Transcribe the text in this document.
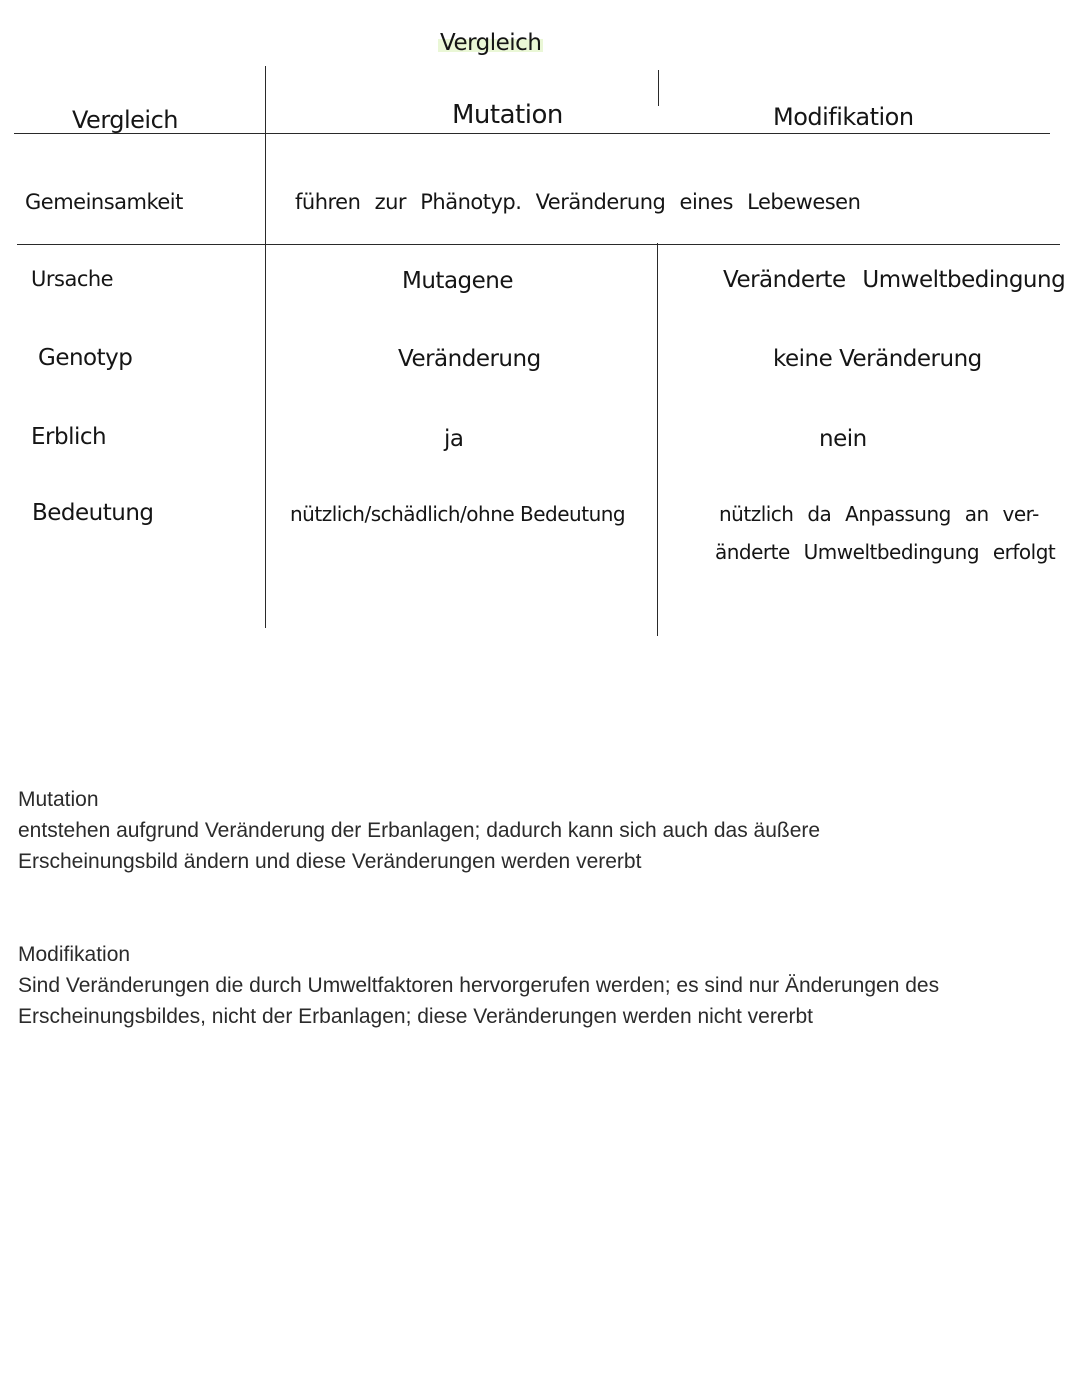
Vergleich
Vergleich	Mutation	Modifikation
Gemeinsamkeit	führen zur Phänotyp. Veränderung eines Lebewesen
Ursache	Mutagene	Veränderte Umweltbedingung
Genotyp	Veränderung	keine Veränderung
Erblich	ja	nein
Bedeutung	nützlich/schädlich/ohne Bedeutung	nützlich da Anpassung an ver-
änderte Umweltbedingung erfolgt
Mutation
entstehen aufgrund Veränderung der Erbanlagen; dadurch kann sich auch das äußere
Erscheinungsbild ändern und diese Veränderungen werden vererbt
Modifikation
Sind Veränderungen die durch Umweltfaktoren hervorgerufen werden; es sind nur Änderungen des
Erscheinungsbildes, nicht der Erbanlagen; diese Veränderungen werden nicht vererbt
